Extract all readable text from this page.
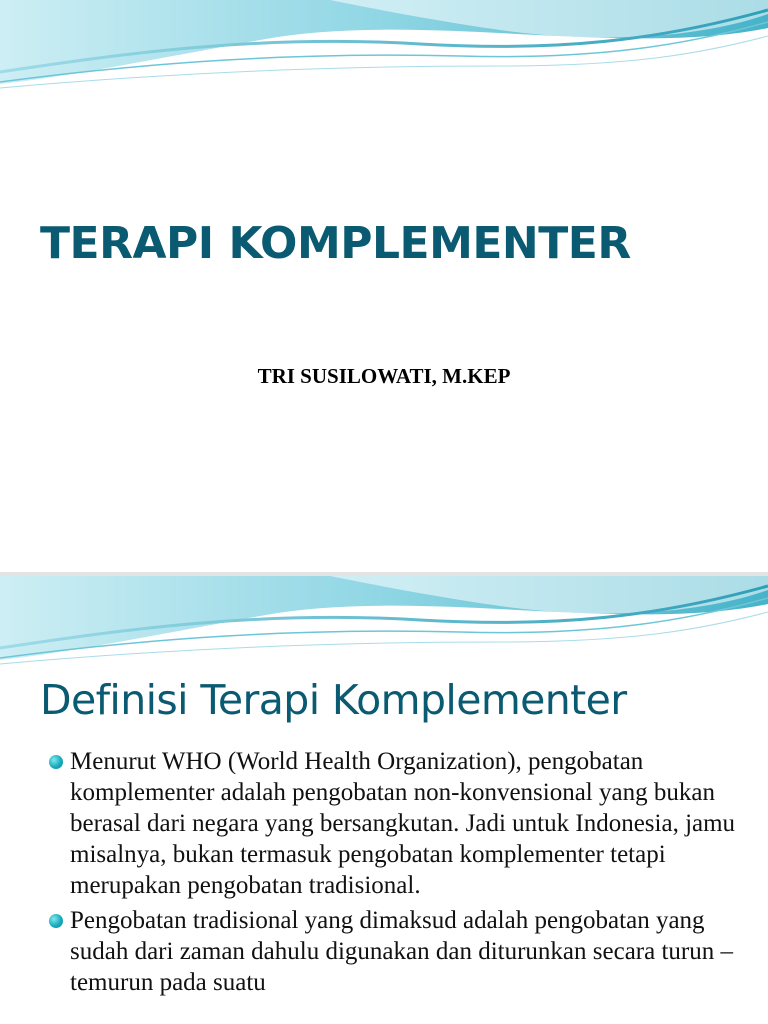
TERAPI KOMPLEMENTER
TRI SUSILOWATI, M.KEP
Definisi Terapi Komplementer
Menurut WHO (World Health Organization), pengobatan komplementer adalah pengobatan non-konvensional yang bukan berasal dari negara yang bersangkutan. Jadi untuk Indonesia, jamu misalnya, bukan termasuk pengobatan komplementer tetapi merupakan pengobatan tradisional.
Pengobatan tradisional yang dimaksud adalah pengobatan yang sudah dari zaman dahulu digunakan dan diturunkan secara turun – temurun pada suatu
